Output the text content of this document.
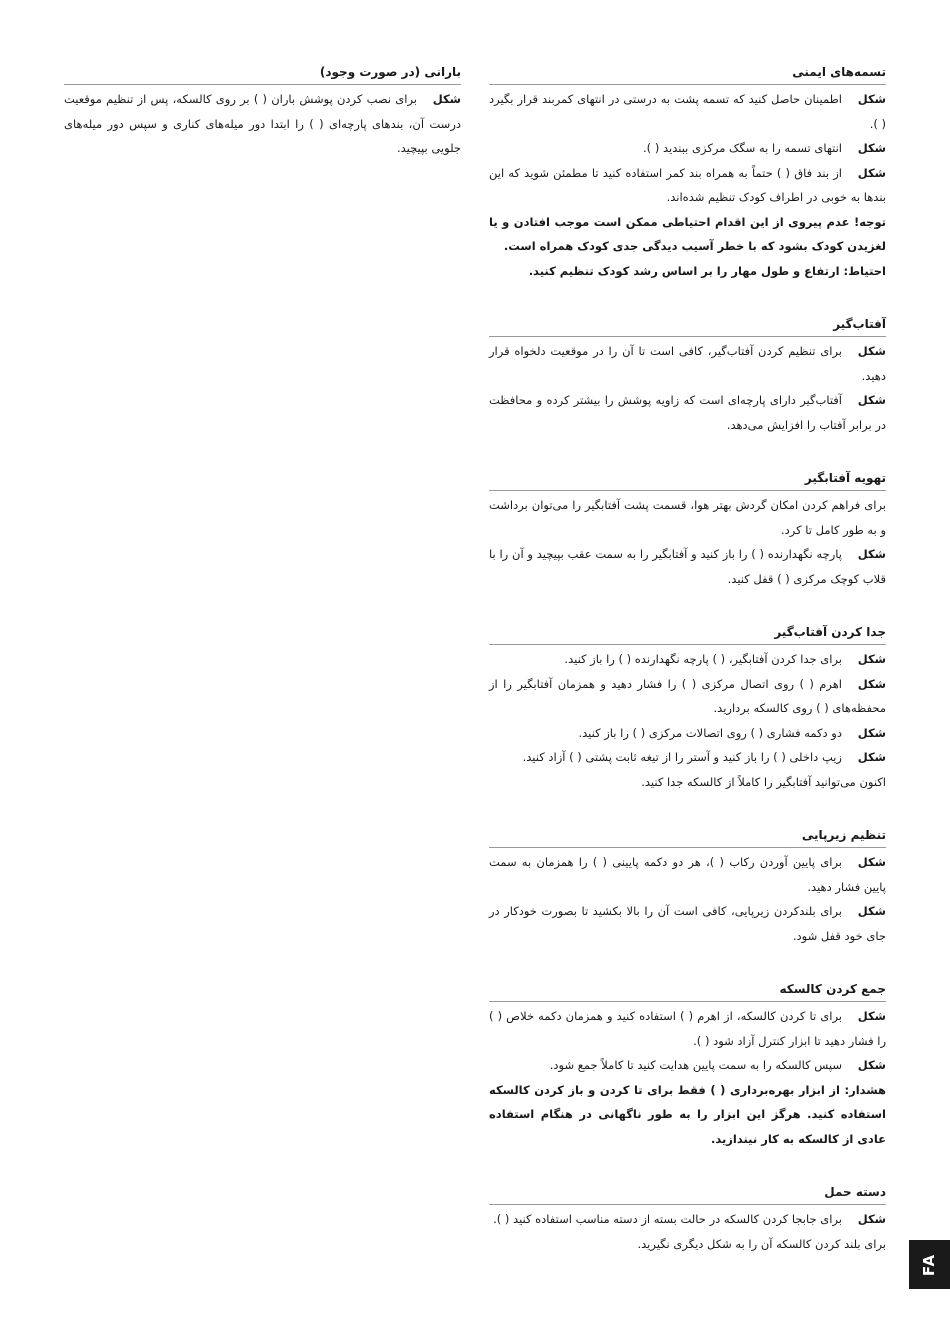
تسمه‌های ایمنی

شکلاطمینان حاصل کنید که تسمه پشت به درستی در انتهای کمربند قرار بگیرد ( ).

شکلانتهای تسمه را به سگک مرکزی ببندید ( ).

شکلاز بند فاق ( ) حتماً به همراه بند کمر استفاده کنید تا مطمئن شوید که این بندها به خوبی در اطراف کودک تنظیم شده‌اند.

توجه! عدم پیروی از این اقدام احتیاطی ممکن است موجب افتادن و یا لغزیدن کودک بشود که با خطر آسیب دیدگی جدی کودک همراه است.

احتیاط: ارتفاع و طول مهار را بر اساس رشد کودک تنظیم کنید.

آفتاب‌گیر

شکلبرای تنظیم کردن آفتاب‌گیر، کافی است تا آن را در موقعیت دلخواه قرار دهید.

شکلآفتاب‌گیر دارای پارچه‌ای است که زاویه پوشش را بیشتر کرده و محافظت در برابر آفتاب را افزایش می‌دهد.

تهویه آفتابگیر

برای فراهم کردن امکان گردش بهتر هوا، قسمت پشت آفتابگیر را می‌توان برداشت و به طور کامل تا کرد.

شکلپارچه نگهدارنده ( ) را باز کنید و آفتابگیر را به سمت عقب بپیچید و آن را با قلاب کوچک مرکزی ( ) قفل کنید.

جدا کردن آفتاب‌گیر

شکلبرای جدا کردن آفتابگیر، ( ) پارچه نگهدارنده ( ) را باز کنید.

شکلاهرم ( ) روی اتصال مرکزی ( ) را فشار دهید و همزمان آفتابگیر را از محفظه‌های ( ) روی کالسکه بردارید.

شکلدو دکمه فشاری ( ) روی اتصالات مرکزی ( ) را باز کنید.

شکلزیپ داخلی ( ) را باز کنید و آستر را از تیغه ثابت پشتی ( ) آزاد کنید.

اکنون می‌توانید آفتابگیر را کاملاً از کالسکه جدا کنید.

تنظیم زیرپایی

شکلبرای پایین آوردن رکاب ( )، هر دو دکمه پایینی ( ) را همزمان به سمت پایین فشار دهید.

شکلبرای بلندکردن زیرپایی، کافی است آن را بالا بکشید تا بصورت خودکار در جای خود قفل شود.

جمع کردن کالسکه

شکلبرای تا کردن کالسکه، از اهرم ( ) استفاده کنید و همزمان دکمه خلاص ( ) را فشار دهید تا ابزار کنترل آزاد شود ( ).

شکلسپس کالسکه را به سمت پایین هدایت کنید تا کاملاً جمع شود.

هشدار: از ابزار بهره‌برداری ( ) فقط برای تا کردن و باز کردن کالسکه استفاده کنید. هرگز این ابزار را به طور ناگهانی در هنگام استفاده عادی از کالسکه به کار نیندازید.

دسته حمل

شکلبرای جابجا کردن کالسکه در حالت بسته از دسته مناسب استفاده کنید ( ).

برای بلند کردن کالسکه آن را به شکل دیگری نگیرید.

بارانی (در صورت وجود)

شکلبرای نصب کردن پوشش باران ( ) بر روی کالسکه، پس از تنظیم موقعیت درست آن، بندهای پارچه‌ای ( ) را ابتدا دور میله‌های کناری و سپس دور میله‌های جلویی بپیچید.

FA
